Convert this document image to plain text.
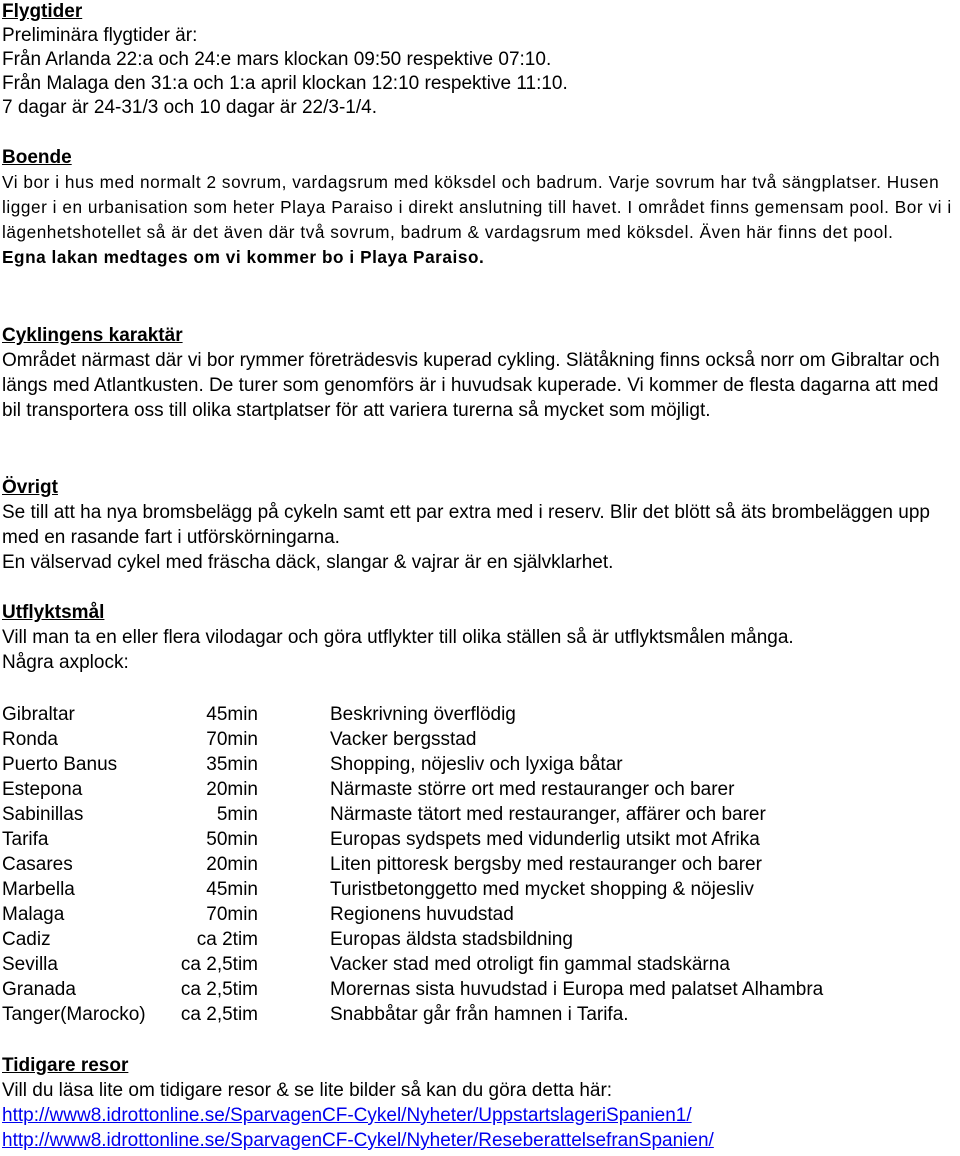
Flygtider

Preliminära flygtider är:

Från Arlanda 22:a och 24:e mars klockan 09:50 respektive 07:10.

Från Malaga den 31:a och 1:a april klockan 12:10 respektive 11:10.

7 dagar är 24-31/3 och 10 dagar är 22/3-1/4.

Boende

Vi bor i hus med normalt 2 sovrum, vardagsrum med köksdel och badrum. Varje sovrum har två sängplatser. Husen ligger i en urbanisation som heter Playa Paraiso i direkt anslutning till havet. I området finns gemensam pool. Bor vi i lägenhetshotellet så är det även där två sovrum, badrum & vardagsrum med köksdel. Även här finns det pool.

Egna lakan medtages om vi kommer bo i Playa Paraiso.

Cyklingens karaktär

Området närmast där vi bor rymmer företrädesvis kuperad cykling. Slätåkning finns också norr om Gibraltar och längs med Atlantkusten. De turer som genomförs är i huvudsak kuperade. Vi kommer de flesta dagarna att med bil transportera oss till olika startplatser för att variera turerna så mycket som möjligt.

Övrigt

Se till att ha nya bromsbelägg på cykeln samt ett par extra med i reserv. Blir det blött så äts brombeläggen upp med en rasande fart i utförskörningarna.

En välservad cykel med fräscha däck, slangar & vajrar är en självklarhet.

Utflyktsmål

Vill man ta en eller flera vilodagar och göra utflykter till olika ställen så är utflyktsmålen många.

Några axplock:

Gibraltar	45min	Beskrivning överflödig
Ronda	70min	Vacker bergsstad
Puerto Banus	35min	Shopping, nöjesliv och lyxiga båtar
Estepona	20min	Närmaste större ort med restauranger och barer
Sabinillas	5min	Närmaste tätort med restauranger, affärer och barer
Tarifa	50min	Europas sydspets med vidunderlig utsikt mot Afrika
Casares	20min	Liten pittoresk bergsby med restauranger och barer
Marbella	45min	Turistbetonggetto med mycket shopping & nöjesliv
Malaga	70min	Regionens huvudstad
Cadiz	ca 2tim	Europas äldsta stadsbildning
Sevilla	ca 2,5tim	Vacker stad med otroligt fin gammal stadskärna
Granada	ca 2,5tim	Morernas sista huvudstad i Europa med palatset Alhambra
Tanger(Marocko) ca 2,5tim	Snabbåtar går från hamnen i Tarifa.
Tidigare resor

Vill du läsa lite om tidigare resor & se lite bilder så kan du göra detta här:

http://www8.idrottonline.se/SparvagenCF-Cykel/Nyheter/UppstartslageriSpanien1/
http://www8.idrottonline.se/SparvagenCF-Cykel/Nyheter/ReseberattelsefranSpanien/
